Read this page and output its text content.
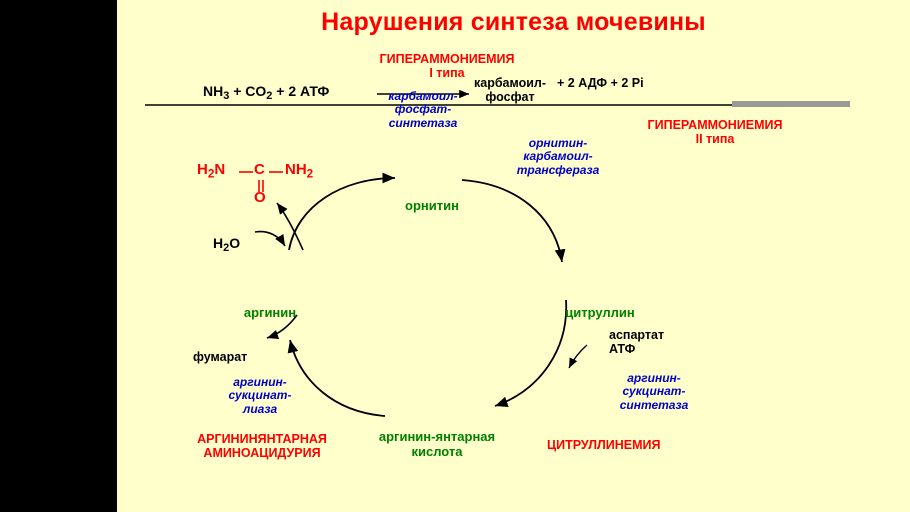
Нарушения синтеза мочевины
ГИПЕРАММОНИЕМИЯ
I типа
$NH_3 + CO_2 + 2$ АТФ	карбамоил-
фосфат-
синтетаза
карбамоил-
фосфат
+ 2 АДФ + 2 Рi
ГИПЕРАММОНИЕМИЯ
II типа
орнитин-
карбамоил-
трансфераза
$H_2N$ C $NH_2$
O
$H_2O$
орнитин
цитруллин
аргинин-янтарная
кислота
аргинин
фумарат
аргинин-
сукцинат-
лиаза
аспартат
АТФ
аргинин-
сукцинат-
синтетаза
ЦИТРУЛЛИНЕМИЯ
АРГИНИНЯНТАРНАЯ
АМИНОАЦИДУРИЯ
